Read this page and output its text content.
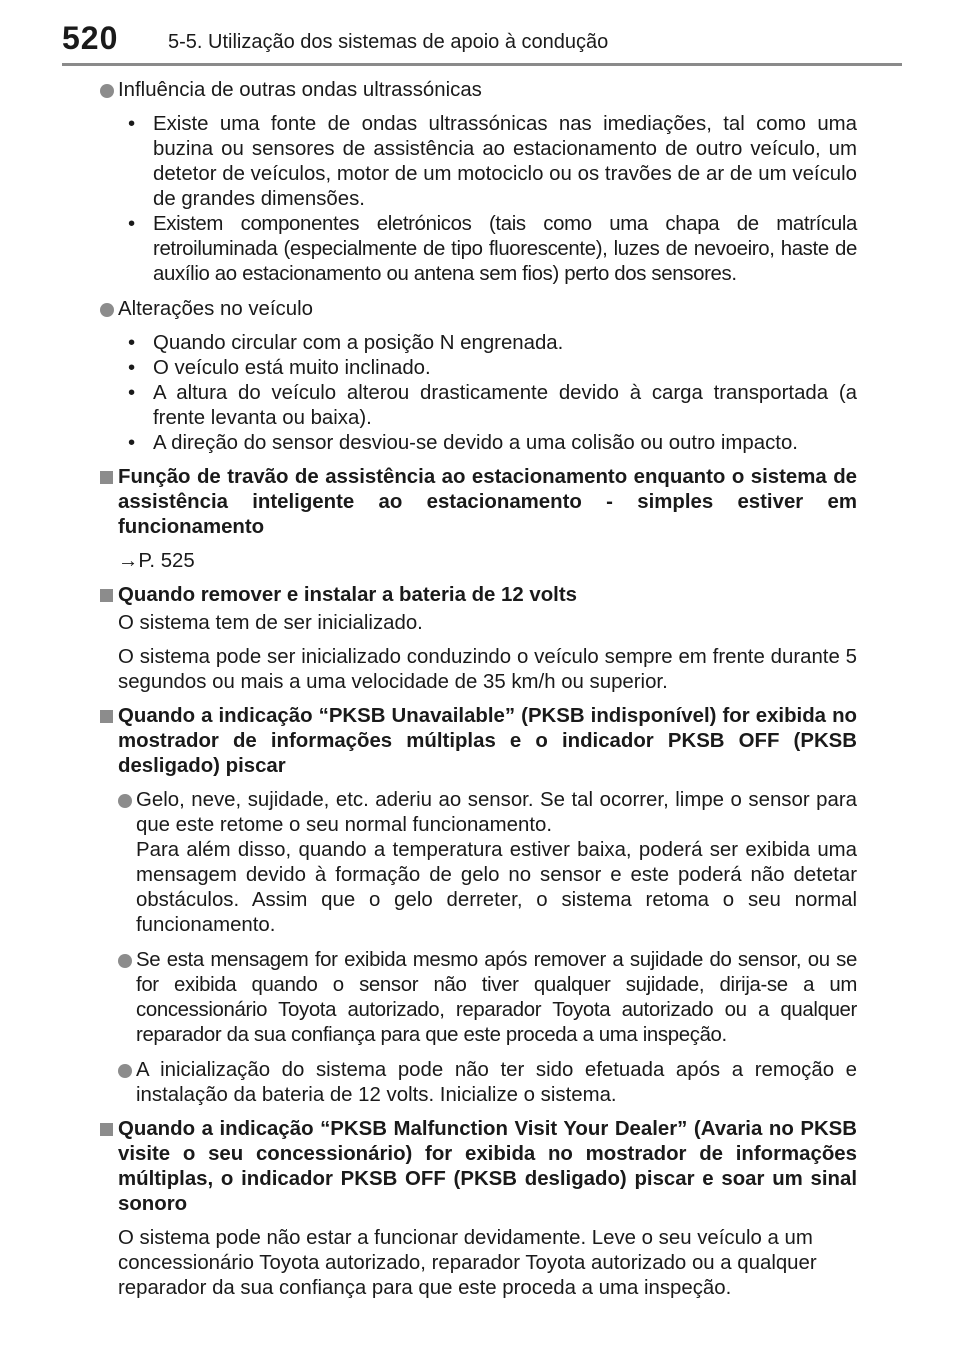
520 5-5. Utilização dos sistemas de apoio à condução

Influência de outras ondas ultrassónicas

• Existe uma fonte de ondas ultrassónicas nas imediações, tal como uma buzina ou sensores de assistência ao estacionamento de outro veículo, um detetor de veículos, motor de um motociclo ou os travões de ar de um veículo de grandes dimensões.

• Existem componentes eletrónicos (tais como uma chapa de matrícula retroiluminada (especialmente de tipo fluorescente), luzes de nevoeiro, haste de auxílio ao estacionamento ou antena sem fios) perto dos sensores.

Alterações no veículo

• Quando circular com a posição N engrenada.

• O veículo está muito inclinado.

• A altura do veículo alterou drasticamente devido à carga transportada (a frente levanta ou baixa).

• A direção do sensor desviou-se devido a uma colisão ou outro impacto.

Função de travão de assistência ao estacionamento enquanto o sistema de assistência inteligente ao estacionamento - simples estiver em funcionamento

→P. 525

Quando remover e instalar a bateria de 12 volts

O sistema tem de ser inicializado.

O sistema pode ser inicializado conduzindo o veículo sempre em frente durante 5 segundos ou mais a uma velocidade de 35 km/h ou superior.

Quando a indicação “PKSB Unavailable” (PKSB indisponível) for exibida no mostrador de informações múltiplas e o indicador PKSB OFF (PKSB desligado) piscar

Gelo, neve, sujidade, etc. aderiu ao sensor. Se tal ocorrer, limpe o sensor para que este retome o seu normal funcionamento.

Para além disso, quando a temperatura estiver baixa, poderá ser exibida uma mensagem devido à formação de gelo no sensor e este poderá não detetar obstáculos. Assim que o gelo derreter, o sistema retoma o seu normal funcionamento.

Se esta mensagem for exibida mesmo após remover a sujidade do sensor, ou se for exibida quando o sensor não tiver qualquer sujidade, dirija-se a um concessionário Toyota autorizado, reparador Toyota autorizado ou a qualquer reparador da sua confiança para que este proceda a uma inspeção.

A inicialização do sistema pode não ter sido efetuada após a remoção e instalação da bateria de 12 volts. Inicialize o sistema.

Quando a indicação “PKSB Malfunction Visit Your Dealer” (Avaria no PKSB visite o seu concessionário) for exibida no mostrador de informações múltiplas, o indicador PKSB OFF (PKSB desligado) piscar e soar um sinal sonoro

O sistema pode não estar a funcionar devidamente. Leve o seu veículo a um concessionário Toyota autorizado, reparador Toyota autorizado ou a qualquer reparador da sua confiança para que este proceda a uma inspeção.
